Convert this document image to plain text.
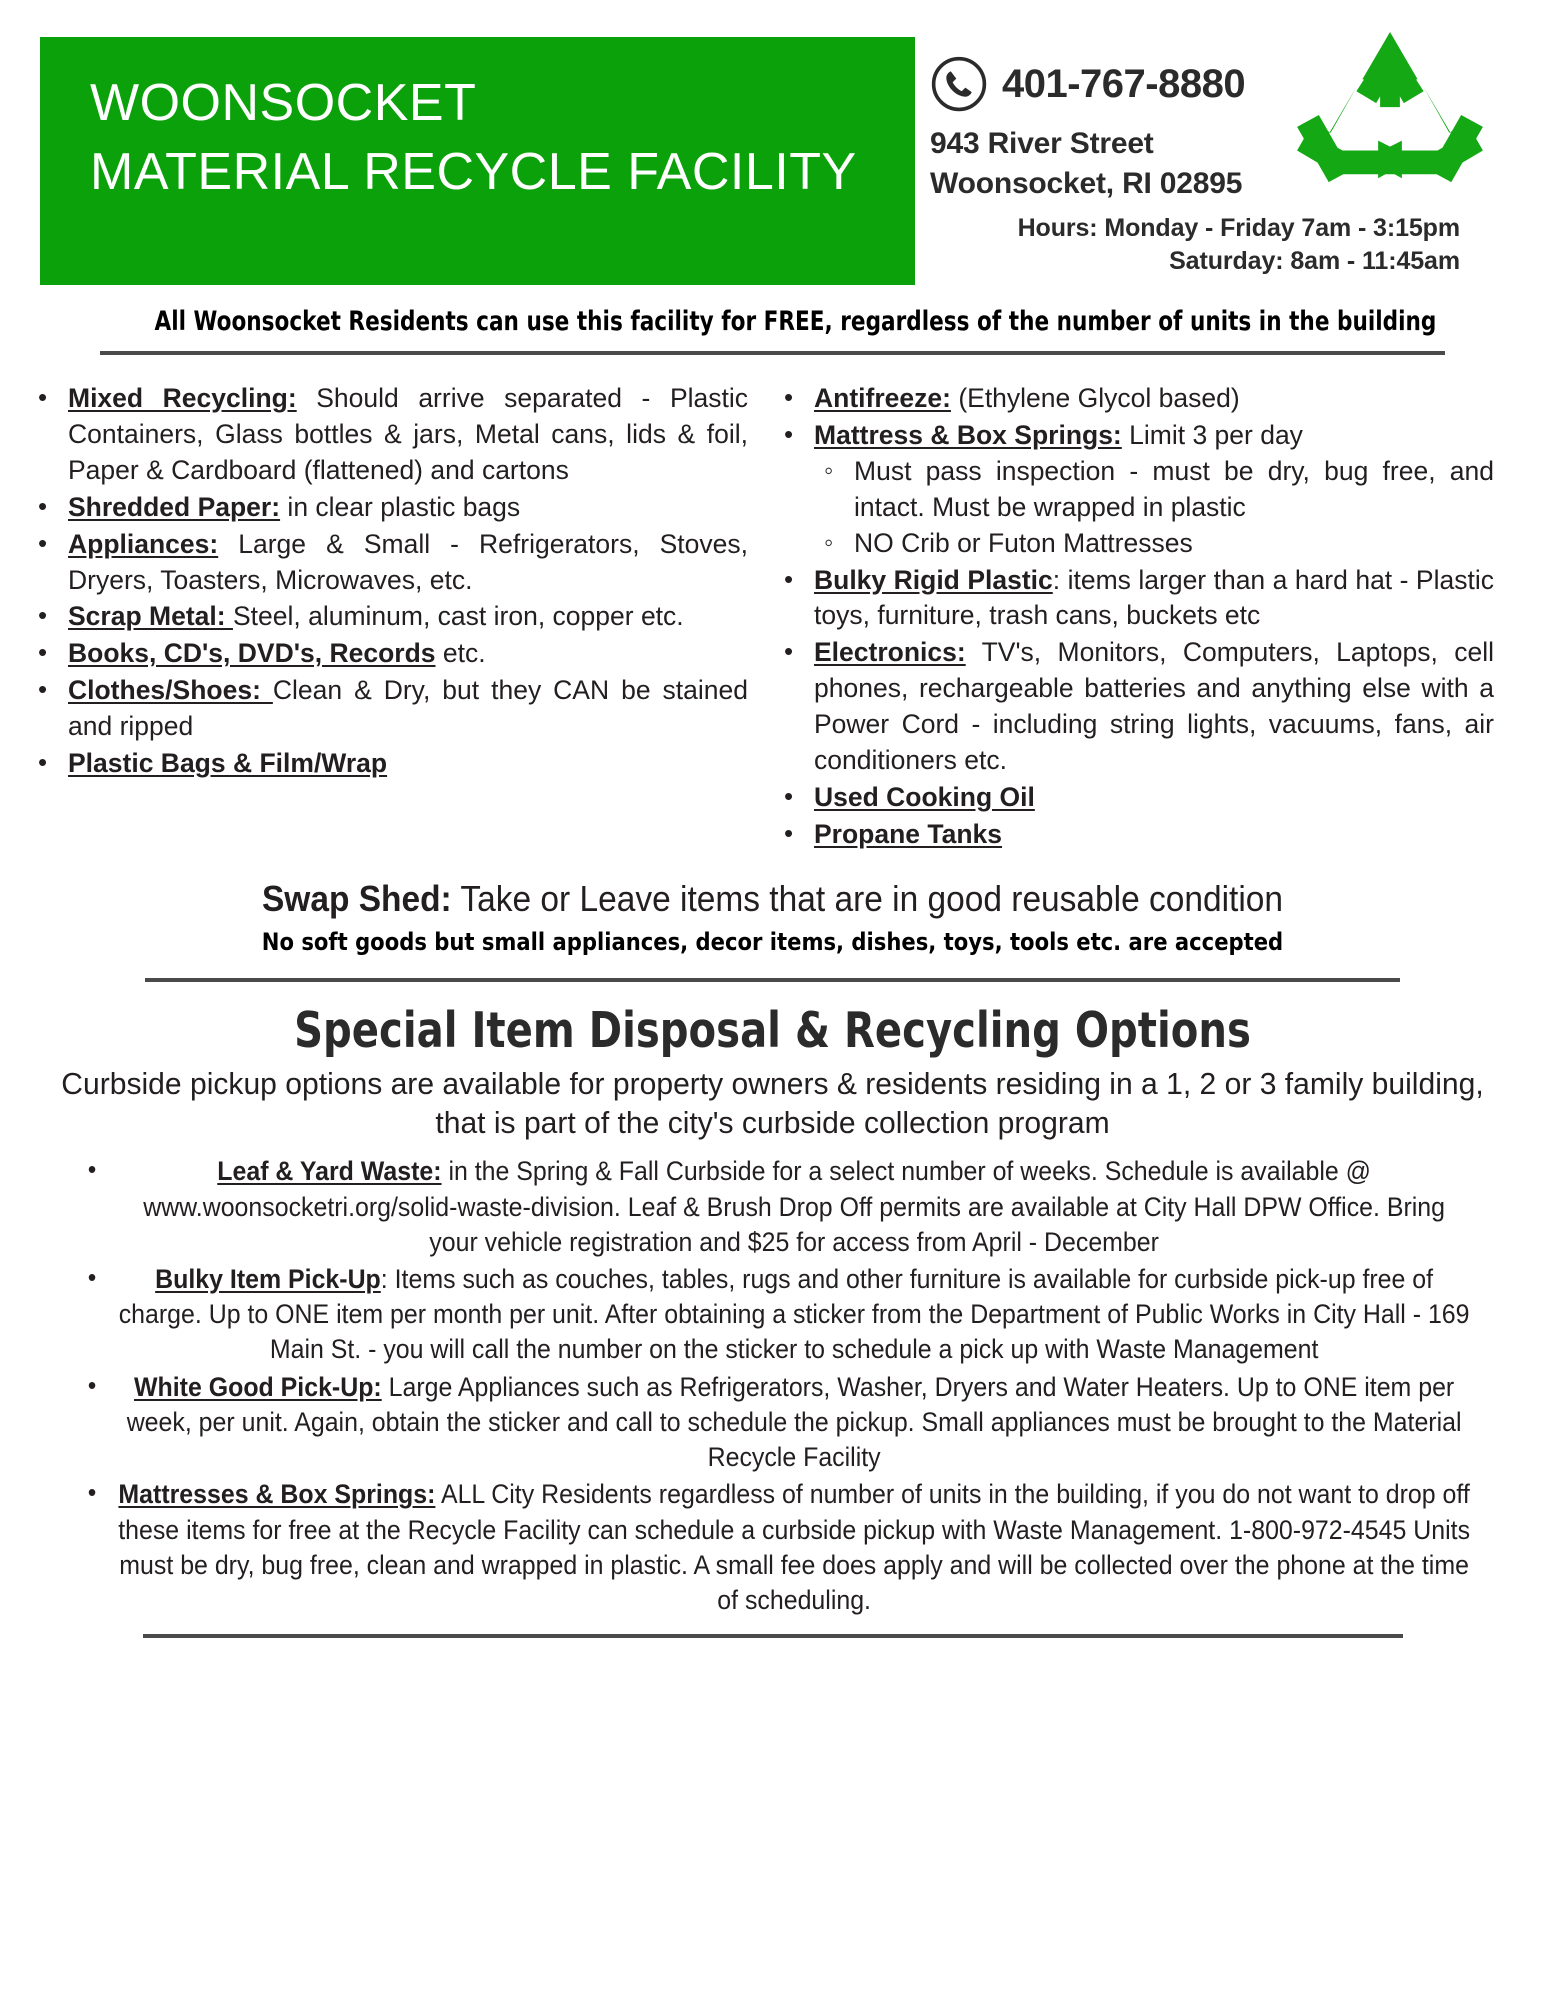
WOONSOCKET
MATERIAL RECYCLE FACILITY
401-767-8880
943 River Street
Woonsocket, RI 02895
Hours: Monday - Friday 7am - 3:15pm
Saturday: 8am - 11:45am
All Woonsocket Residents can use this facility for FREE, regardless of the number of units in the building
• Mixed Recycling: Should arrive separated - Plastic Containers, Glass bottles & jars, Metal cans, lids & foil, Paper & Cardboard (flattened) and cartons
• Shredded Paper: in clear plastic bags
• Appliances: Large & Small - Refrigerators, Stoves, Dryers, Toasters, Microwaves, etc.
• Scrap Metal: Steel, aluminum, cast iron, copper etc.
• Books, CD's, DVD's, Records etc.
• Clothes/Shoes: Clean & Dry, but they CAN be stained and ripped
• Plastic Bags & Film/Wrap
• Antifreeze: (Ethylene Glycol based)
• Mattress & Box Springs: Limit 3 per day
◦ Must pass inspection - must be dry, bug free, and intact. Must be wrapped in plastic
◦ NO Crib or Futon Mattresses
• Bulky Rigid Plastic: items larger than a hard hat - Plastic toys, furniture, trash cans, buckets etc
• Electronics: TV's, Monitors, Computers, Laptops, cell phones, rechargeable batteries and anything else with a Power Cord - including string lights, vacuums, fans, air conditioners etc.
• Used Cooking Oil
• Propane Tanks
Swap Shed: Take or Leave items that are in good reusable condition
No soft goods but small appliances, decor items, dishes, toys, tools etc. are accepted
Special Item Disposal & Recycling Options
Curbside pickup options are available for property owners & residents residing in a 1, 2 or 3 family building, that is part of the city's curbside collection program
• Leaf & Yard Waste: in the Spring & Fall Curbside for a select number of weeks. Schedule is available @ www.woonsocketri.org/solid-waste-division. Leaf & Brush Drop Off permits are available at City Hall DPW Office. Bring your vehicle registration and $25 for access from April - December
• Bulky Item Pick-Up: Items such as couches, tables, rugs and other furniture is available for curbside pick-up free of charge. Up to ONE item per month per unit. After obtaining a sticker from the Department of Public Works in City Hall - 169 Main St. - you will call the number on the sticker to schedule a pick up with Waste Management
• White Good Pick-Up: Large Appliances such as Refrigerators, Washer, Dryers and Water Heaters. Up to ONE item per week, per unit. Again, obtain the sticker and call to schedule the pickup. Small appliances must be brought to the Material Recycle Facility
• Mattresses & Box Springs: ALL City Residents regardless of number of units in the building, if you do not want to drop off these items for free at the Recycle Facility can schedule a curbside pickup with Waste Management. 1-800-972-4545 Units must be dry, bug free, clean and wrapped in plastic. A small fee does apply and will be collected over the phone at the time of scheduling.
